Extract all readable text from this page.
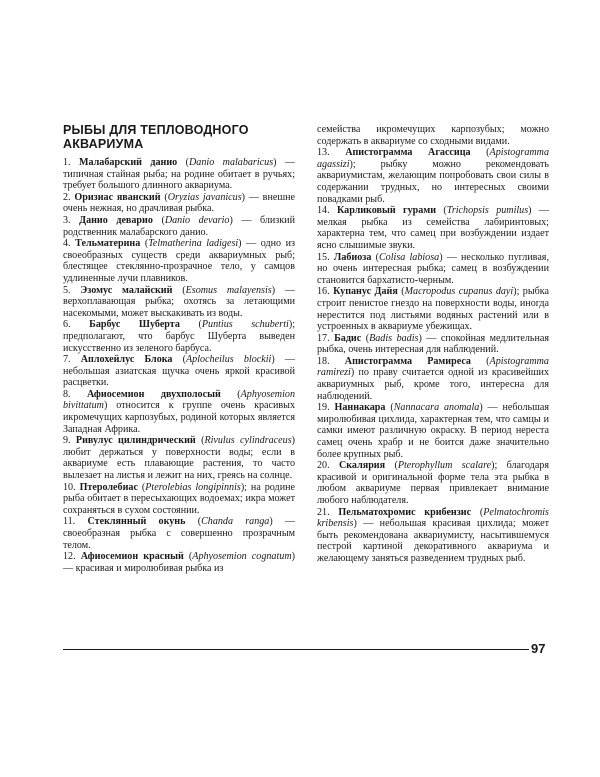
РЫБЫ ДЛЯ ТЕПЛОВОДНОГО АКВАРИУМА

1. Малабарский данио (Danio malabaricus) — типичная стайная рыба; на родине обитает в ручьях; требует большого длинного аквариума.

2. Оризиас яванский (Oryzias javanicus) — внешне очень нежная, но драчливая рыбка.

3. Данио деварио (Danio devario) — близкий родственник малабарского данио.

4. Тельматерина (Telmatherina ladigesi) — одно из своеобразных существ среди аквариумных рыб; блестящее стеклянно-прозрачное тело, у самцов удлиненные лучи плавников.

5. Эзомус малайский (Esomus malayensis) — верхоплавающая рыбка; охотясь за летающими насекомыми, может выскакивать из воды.

6. Барбус Шуберта (Puntius schuberti); предполагают, что барбус Шуберта выведен искусственно из зеленого барбуса.

7. Аплохейлус Блока (Aplocheilus blockii) — небольшая азиатская щучка очень яркой красивой расцветки.

8. Афиосемион двухполосый (Aphyosemion bivittatum) относится к группе очень красивых икромечущих карпозубых, родиной которых является Западная Африка.

9. Ривулус цилиндрический (Rivulus cylindraceus) любит держаться у поверхности воды; если в аквариуме есть плавающие растения, то часто вылезает на листья и лежит на них, греясь на солнце.

10. Птеролебиас (Pterolebias longipinnis); на родине рыба обитает в пересыхающих водоемах; икра может сохраняться в сухом состоянии.

11. Стеклянный окунь (Chanda ranga) — своеобразная рыбка с совершенно прозрачным телом.

12. Афиосемион красный (Aphyosemion cognatum) — красивая и миролюбивая рыбка из

семейства икромечущих карпозубых; можно содержать в аквариуме со сходными видами.

13. Апистограмма Агассица (Apistogramma agassizi); рыбку можно рекомендовать аквариумистам, желающим попробовать свои силы в содержании трудных, но интересных своими повадками рыб.

14. Карликовый гурами (Trichopsis pumilus) — мелкая рыбка из семейства лабиринтовых; характерна тем, что самец при возбуждении издает ясно слышимые звуки.

15. Лабиоза (Colisa labiosa) — несколько пугливая, но очень интересная рыбка; самец в возбуждении становится бархатисто-черным.

16. Купанус Дайя (Macropodus cupanus dayi); рыбка строит пенистое гнездо на поверхности воды, иногда нерестится под листьями водяных растений или в устроенных в аквариуме убежищах.

17. Бадис (Badis badis) — спокойная медлительная рыбка, очень интересная для наблюдений.

18. Апистограмма Рамиреса (Apistogramma ramirezi) по праву считается одной из красивейших аквариумных рыб, кроме того, интересна для наблюдений.

19. Наннакара (Nannacara anomala) — небольшая миролюбивая цихлида, характерная тем, что самцы и самки имеют различную окраску. В период нереста самец очень храбр и не боится даже значительно более крупных рыб.

20. Скалярия (Pterophyllum scalare); благодаря красивой и оригинальной форме тела эта рыбка в любом аквариуме первая привлекает внимание любого наблюдателя.

21. Пельматохромис крибензис (Pelmatochromis kribensis) — небольшая красивая цихлида; может быть рекомендована аквариумисту, насытившемуся пестрой картиной декоративного аквариума и желающему заняться разведением трудных рыб.

97
